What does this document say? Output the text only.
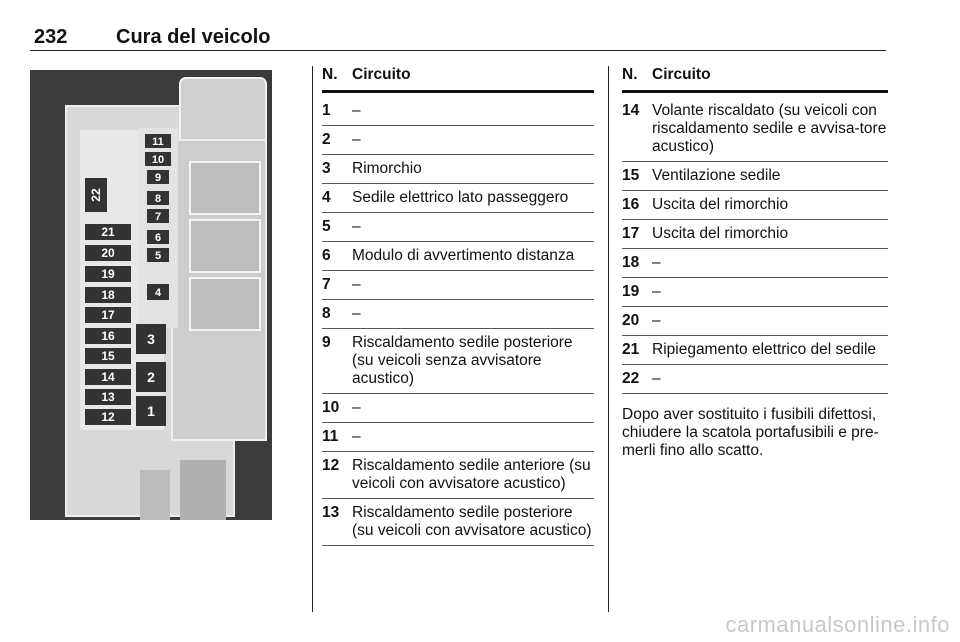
232 Cura del veicolo
11
10
9
8
7
6
5
4
22
21
20
19
18
17
16
15
14
13
12
3
2
1
N. Circuito
1	–
2	–
3	Rimorchio
4	Sedile elettrico lato passeggero
5	–
6	Modulo di avvertimento distanza
7	–
8	–
9	Riscaldamento sedile posteriore (su veicoli senza avvisatore acustico)
10 –
11 –
12 Riscaldamento sedile anteriore (su veicoli con avvisatore acustico)
13 Riscaldamento sedile posteriore (su veicoli con avvisatore acustico)
N. Circuito
14 Volante riscaldato (su veicoli con riscaldamento sedile e avvisa-tore acustico)
15 Ventilazione sedile
16 Uscita del rimorchio
17 Uscita del rimorchio
18 –
19 –
20 –
21 Ripiegamento elettrico del sedile
22 –
Dopo aver sostituito i fusibili difettosi, chiudere la scatola portafusibili e pre-merli fino allo scatto.
carmanualsonline.info
